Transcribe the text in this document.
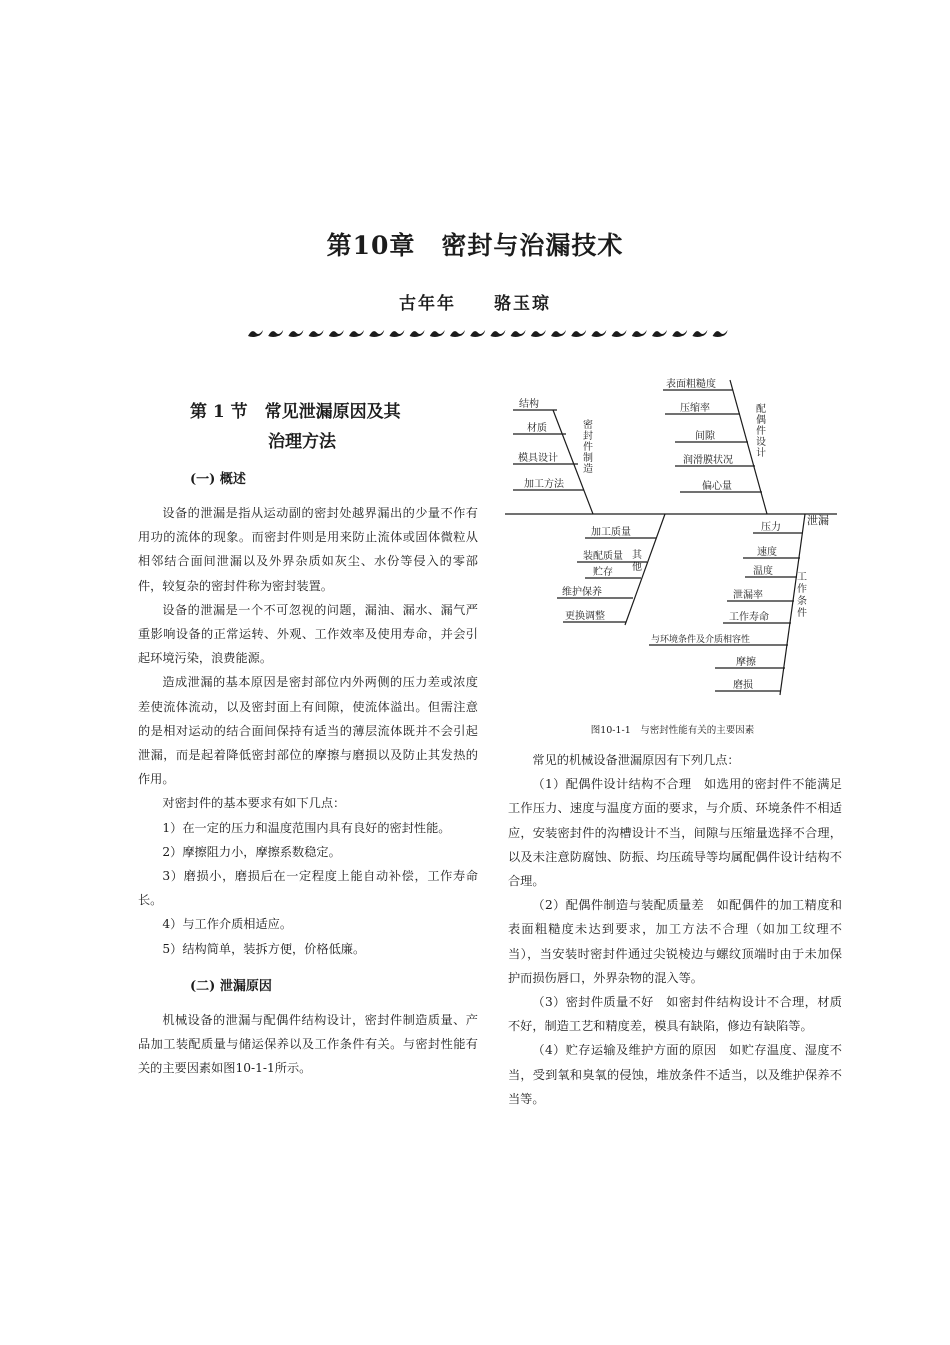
第10章　密封与治漏技术
古年年　　骆玉琼
第 1 节　常见泄漏原因及其
治理方法
(一) 概述
设备的泄漏是指从运动副的密封处越界漏出的少量不作有用功的流体的现象。而密封件则是用来防止流体或固体微粒从相邻结合面间泄漏以及外界杂质如灰尘、水份等侵入的零部件，较复杂的密封件称为密封装置。
设备的泄漏是一个不可忽视的问题，漏油、漏水、漏气严重影响设备的正常运转、外观、工作效率及使用寿命，并会引起环境污染，浪费能源。
造成泄漏的基本原因是密封部位内外两侧的压力差或浓度差使流体流动，以及密封面上有间隙，使流体溢出。但需注意的是相对运动的结合面间保持有适当的薄层流体既并不会引起泄漏，而是起着降低密封部位的摩擦与磨损以及防止其发热的作用。
对密封件的基本要求有如下几点：
1）在一定的压力和温度范围内具有良好的密封性能。
2）摩擦阻力小，摩擦系数稳定。
3）磨损小，磨损后在一定程度上能自动补偿，工作寿命长。
4）与工作介质相适应。
5）结构简单，装拆方便，价格低廉。
(二) 泄漏原因
机械设备的泄漏与配偶件结构设计，密封件制造质量、产品加工装配质量与储运保养以及工作条件有关。与密封性能有关的主要因素如图10-1-1所示。
结构
材质
模具设计
加工方法
密封件制造
表面粗糙度
压缩率
间隙
润滑膜状况
偏心量
配偶件设计
加工质量
装配质量
贮存
维护保养
更换调整
其他
压力
速度
温度
泄漏率
工作寿命
与环境条件及介质相容性
摩擦
磨损
工作条件
泄漏
图10-1-1　与密封性能有关的主要因素
常见的机械设备泄漏原因有下列几点：
（1）配偶件设计结构不合理　如选用的密封件不能满足工作压力、速度与温度方面的要求，与介质、环境条件不相适应，安装密封件的沟槽设计不当，间隙与压缩量选择不合理，以及未注意防腐蚀、防振、均压疏导等均属配偶件设计结构不合理。
（2）配偶件制造与装配质量差　如配偶件的加工精度和表面粗糙度未达到要求，加工方法不合理（如加工纹理不当），当安装时密封件通过尖锐棱边与螺纹顶端时由于未加保护而损伤唇口，外界杂物的混入等。
（3）密封件质量不好　如密封件结构设计不合理，材质不好，制造工艺和精度差，模具有缺陷，修边有缺陷等。
（4）贮存运输及维护方面的原因　如贮存温度、湿度不当，受到氧和臭氧的侵蚀，堆放条件不适当，以及维护保养不当等。
